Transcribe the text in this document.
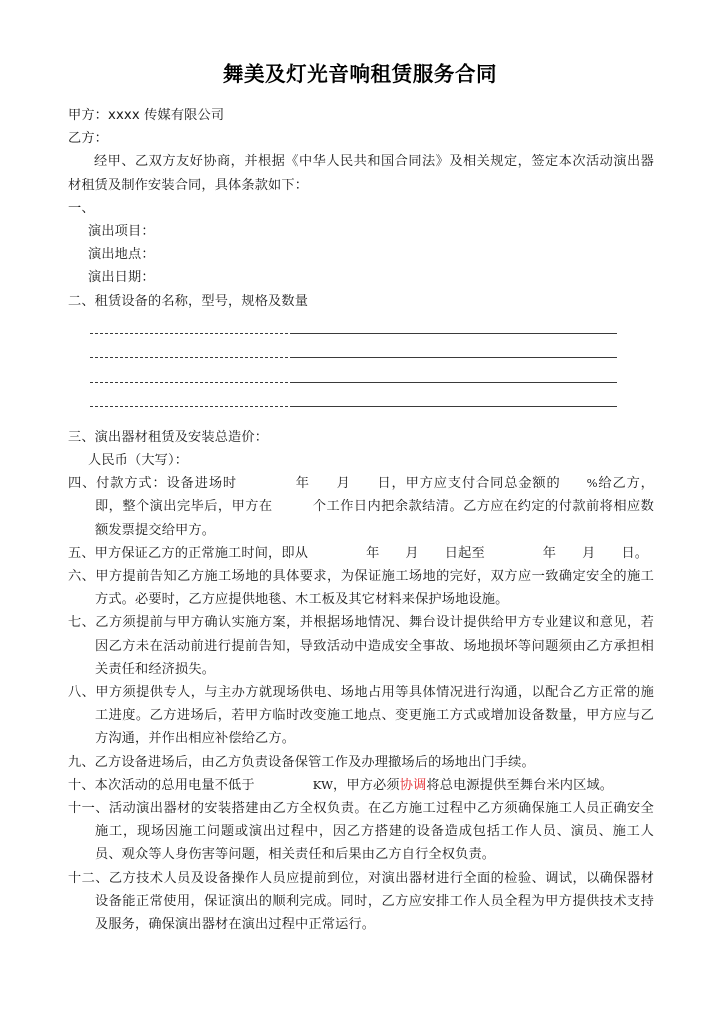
舞美及灯光音响租赁服务合同
甲方：xxxx 传媒有限公司
乙方：
经甲、乙双方友好协商，并根据《中华人民共和国合同法》及相关规定，签定本次活动演出器材租赁及制作安装合同，具体条款如下：
一、
演出项目：
演出地点：
演出日期：
二、租赁设备的名称，型号，规格及数量
三、演出器材租赁及安装总造价：
人民币（大写）：
四、付款方式：设备进场时	年 月 日，甲方应支付合同总金额的 %给乙方，即，整个演出完毕后，甲方在	个工作日内把余款结清。乙方应在约定的付款前将相应数额发票提交给甲方。
五、甲方保证乙方的正常施工时间，即从	年 月 日起至	年 月 日。
六、甲方提前告知乙方施工场地的具体要求，为保证施工场地的完好，双方应一致确定安全的施工方式。必要时，乙方应提供地毯、木工板及其它材料来保护场地设施。
七、乙方须提前与甲方确认实施方案，并根据场地情况、舞台设计提供给甲方专业建议和意见，若因乙方未在活动前进行提前告知，导致活动中造成安全事故、场地损坏等问题须由乙方承担相关责任和经济损失。
八、甲方须提供专人，与主办方就现场供电、场地占用等具体情况进行沟通，以配合乙方正常的施工进度。乙方进场后，若甲方临时改变施工地点、变更施工方式或增加设备数量，甲方应与乙方沟通，并作出相应补偿给乙方。
九、乙方设备进场后，由乙方负责设备保管工作及办理撤场后的场地出门手续。
十、本次活动的总用电量不低于	KW，甲方必须协调将总电源提供至舞台米内区域。
十一、活动演出器材的安装搭建由乙方全权负责。在乙方施工过程中乙方须确保施工人员正确安全施工，现场因施工问题或演出过程中，因乙方搭建的设备造成包括工作人员、演员、施工人员、观众等人身伤害等问题，相关责任和后果由乙方自行全权负责。
十二、乙方技术人员及设备操作人员应提前到位，对演出器材进行全面的检验、调试，以确保器材设备能正常使用，保证演出的顺利完成。同时，乙方应安排工作人员全程为甲方提供技术支持及服务，确保演出器材在演出过程中正常运行。
